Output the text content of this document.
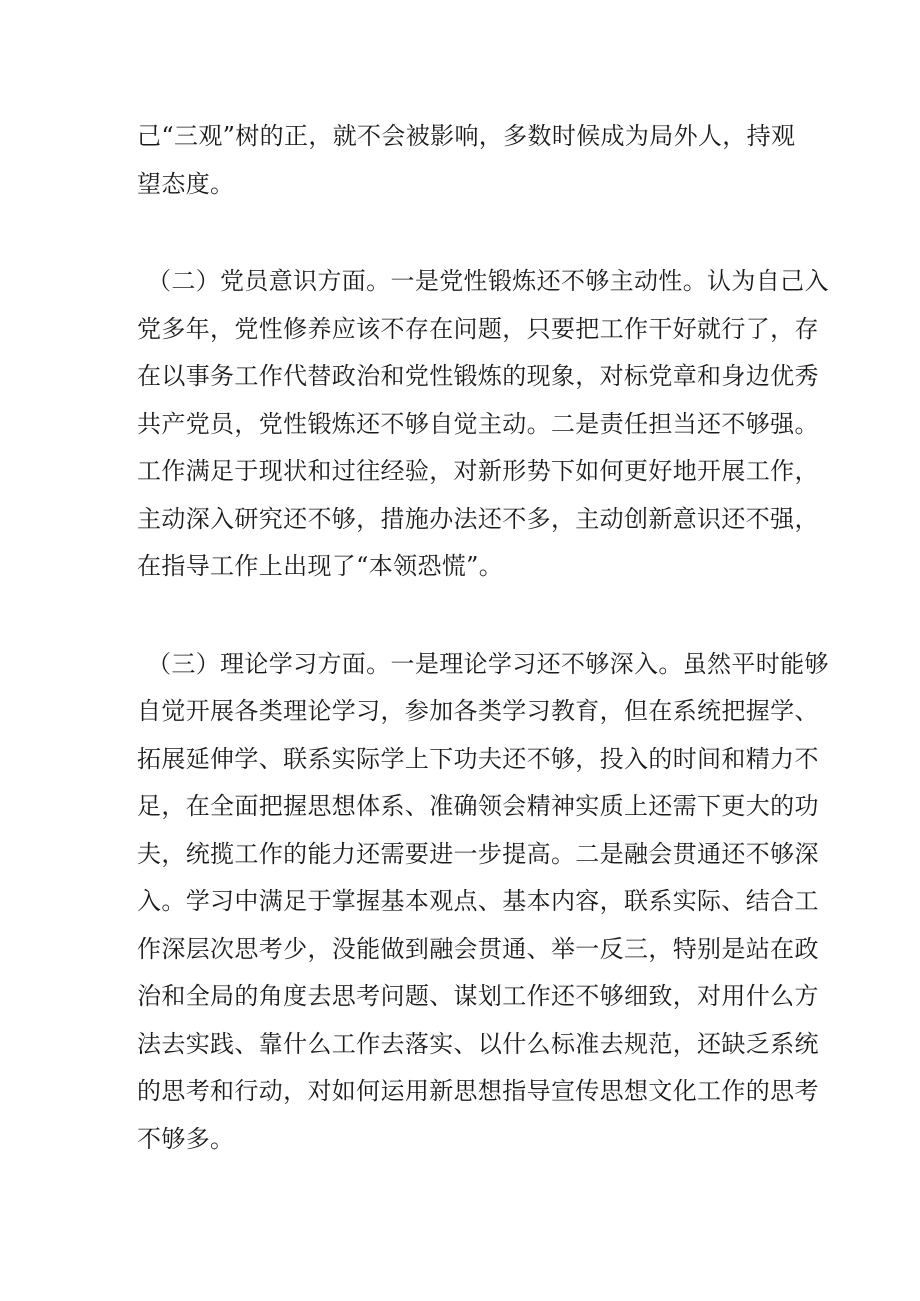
己“三观”树的正，就不会被影响，多数时候成为局外人，持观
望态度。
（二）党员意识方面。一是党性锻炼还不够主动性。认为自己入
党多年，党性修养应该不存在问题，只要把工作干好就行了，存
在以事务工作代替政治和党性锻炼的现象，对标党章和身边优秀
共产党员，党性锻炼还不够自觉主动。二是责任担当还不够强。
工作满足于现状和过往经验，对新形势下如何更好地开展工作，
主动深入研究还不够，措施办法还不多，主动创新意识还不强，
在指导工作上出现了“本领恐慌”。
（三）理论学习方面。一是理论学习还不够深入。虽然平时能够
自觉开展各类理论学习，参加各类学习教育，但在系统把握学、
拓展延伸学、联系实际学上下功夫还不够，投入的时间和精力不
足，在全面把握思想体系、准确领会精神实质上还需下更大的功
夫，统揽工作的能力还需要进一步提高。二是融会贯通还不够深
入。学习中满足于掌握基本观点、基本内容，联系实际、结合工
作深层次思考少，没能做到融会贯通、举一反三，特别是站在政
治和全局的角度去思考问题、谋划工作还不够细致，对用什么方
法去实践、靠什么工作去落实、以什么标准去规范，还缺乏系统
的思考和行动，对如何运用新思想指导宣传思想文化工作的思考
不够多。
